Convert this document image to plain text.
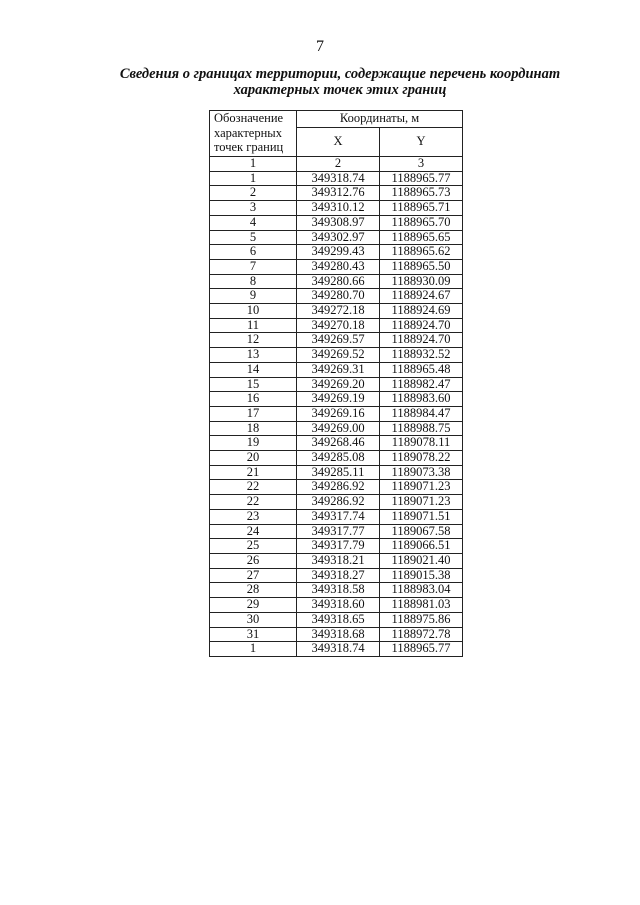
7
Сведения о границах территории, содержащие перечень координат
характерных точек этих границ
Обозначение
характерных
точек границ	Координаты, м	
	X	Y
1	2	3
1	349318.74	1188965.77
2	349312.76	1188965.73
3	349310.12	1188965.71
4	349308.97	1188965.70
5	349302.97	1188965.65
6	349299.43	1188965.62
7	349280.43	1188965.50
8	349280.66	1188930.09
9	349280.70	1188924.67
10	349272.18	1188924.69
11	349270.18	1188924.70
12	349269.57	1188924.70
13	349269.52	1188932.52
14	349269.31	1188965.48
15	349269.20	1188982.47
16	349269.19	1188983.60
17	349269.16	1188984.47
18	349269.00	1188988.75
19	349268.46	1189078.11
20	349285.08	1189078.22
21	349285.11	1189073.38
22	349286.92	1189071.23
22	349286.92	1189071.23
23	349317.74	1189071.51
24	349317.77	1189067.58
25	349317.79	1189066.51
26	349318.21	1189021.40
27	349318.27	1189015.38
28	349318.58	1188983.04
29	349318.60	1188981.03
30	349318.65	1188975.86
31	349318.68	1188972.78
1	349318.74	1188965.77
